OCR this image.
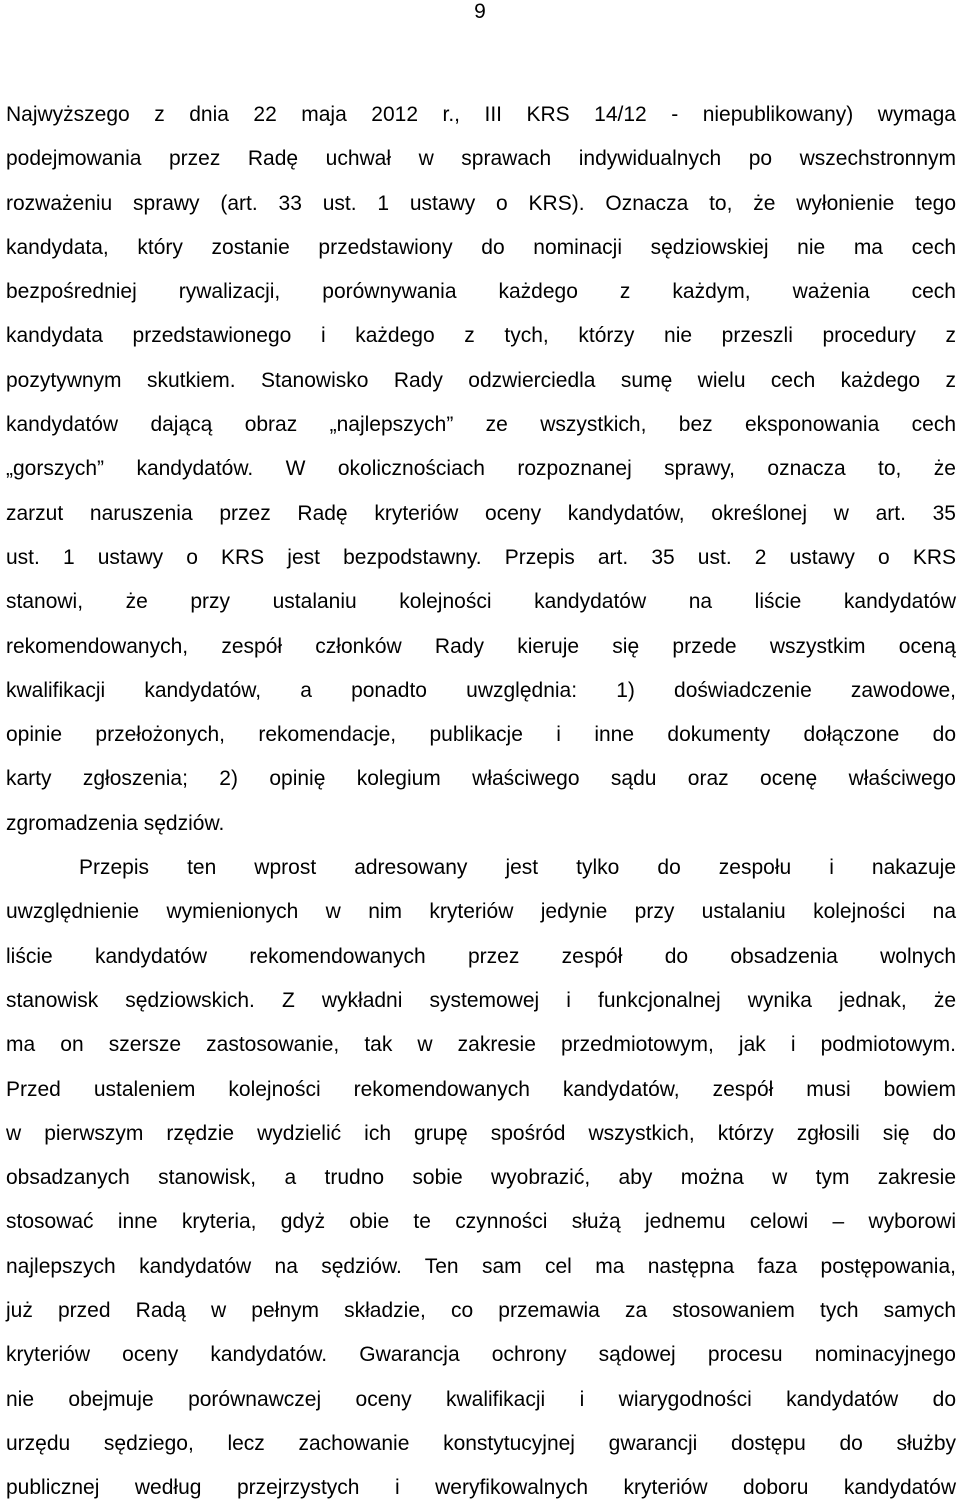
9
Najwyższego z dnia 22 maja 2012 r., III KRS 14/12 - niepublikowany) wymaga
podejmowania przez Radę uchwał w sprawach indywidualnych po wszechstronnym
rozważeniu sprawy (art. 33 ust. 1 ustawy o KRS). Oznacza to, że wyłonienie tego
kandydata, który zostanie przedstawiony do nominacji sędziowskiej nie ma cech
bezpośredniej rywalizacji, porównywania każdego z każdym, ważenia cech
kandydata przedstawionego i każdego z tych, którzy nie przeszli procedury z
pozytywnym skutkiem. Stanowisko Rady odzwierciedla sumę wielu cech każdego z
kandydatów dającą obraz „najlepszych” ze wszystkich, bez eksponowania cech
„gorszych” kandydatów. W okolicznościach rozpoznanej sprawy, oznacza to, że
zarzut naruszenia przez Radę kryteriów oceny kandydatów, określonej w art. 35
ust. 1 ustawy o KRS jest bezpodstawny. Przepis art. 35 ust. 2 ustawy o KRS
stanowi, że przy ustalaniu kolejności kandydatów na liście kandydatów
rekomendowanych, zespół członków Rady kieruje się przede wszystkim oceną
kwalifikacji kandydatów, a ponadto uwzględnia: 1) doświadczenie zawodowe,
opinie przełożonych, rekomendacje, publikacje i inne dokumenty dołączone do
karty zgłoszenia; 2) opinię kolegium właściwego sądu oraz ocenę właściwego
zgromadzenia sędziów.
Przepis ten wprost adresowany jest tylko do zespołu i nakazuje
uwzględnienie wymienionych w nim kryteriów jedynie przy ustalaniu kolejności na
liście kandydatów rekomendowanych przez zespół do obsadzenia wolnych
stanowisk sędziowskich. Z wykładni systemowej i funkcjonalnej wynika jednak, że
ma on szersze zastosowanie, tak w zakresie przedmiotowym, jak i podmiotowym.
Przed ustaleniem kolejności rekomendowanych kandydatów, zespół musi bowiem
w pierwszym rzędzie wydzielić ich grupę spośród wszystkich, którzy zgłosili się do
obsadzanych stanowisk, a trudno sobie wyobrazić, aby można w tym zakresie
stosować inne kryteria, gdyż obie te czynności służą jednemu celowi – wyborowi
najlepszych kandydatów na sędziów. Ten sam cel ma następna faza postępowania,
już przed Radą w pełnym składzie, co przemawia za stosowaniem tych samych
kryteriów oceny kandydatów. Gwarancja ochrony sądowej procesu nominacyjnego
nie obejmuje porównawczej oceny kwalifikacji i wiarygodności kandydatów do
urzędu sędziego, lecz zachowanie konstytucyjnej gwarancji dostępu do służby
publicznej według przejrzystych i weryfikowalnych kryteriów doboru kandydatów
